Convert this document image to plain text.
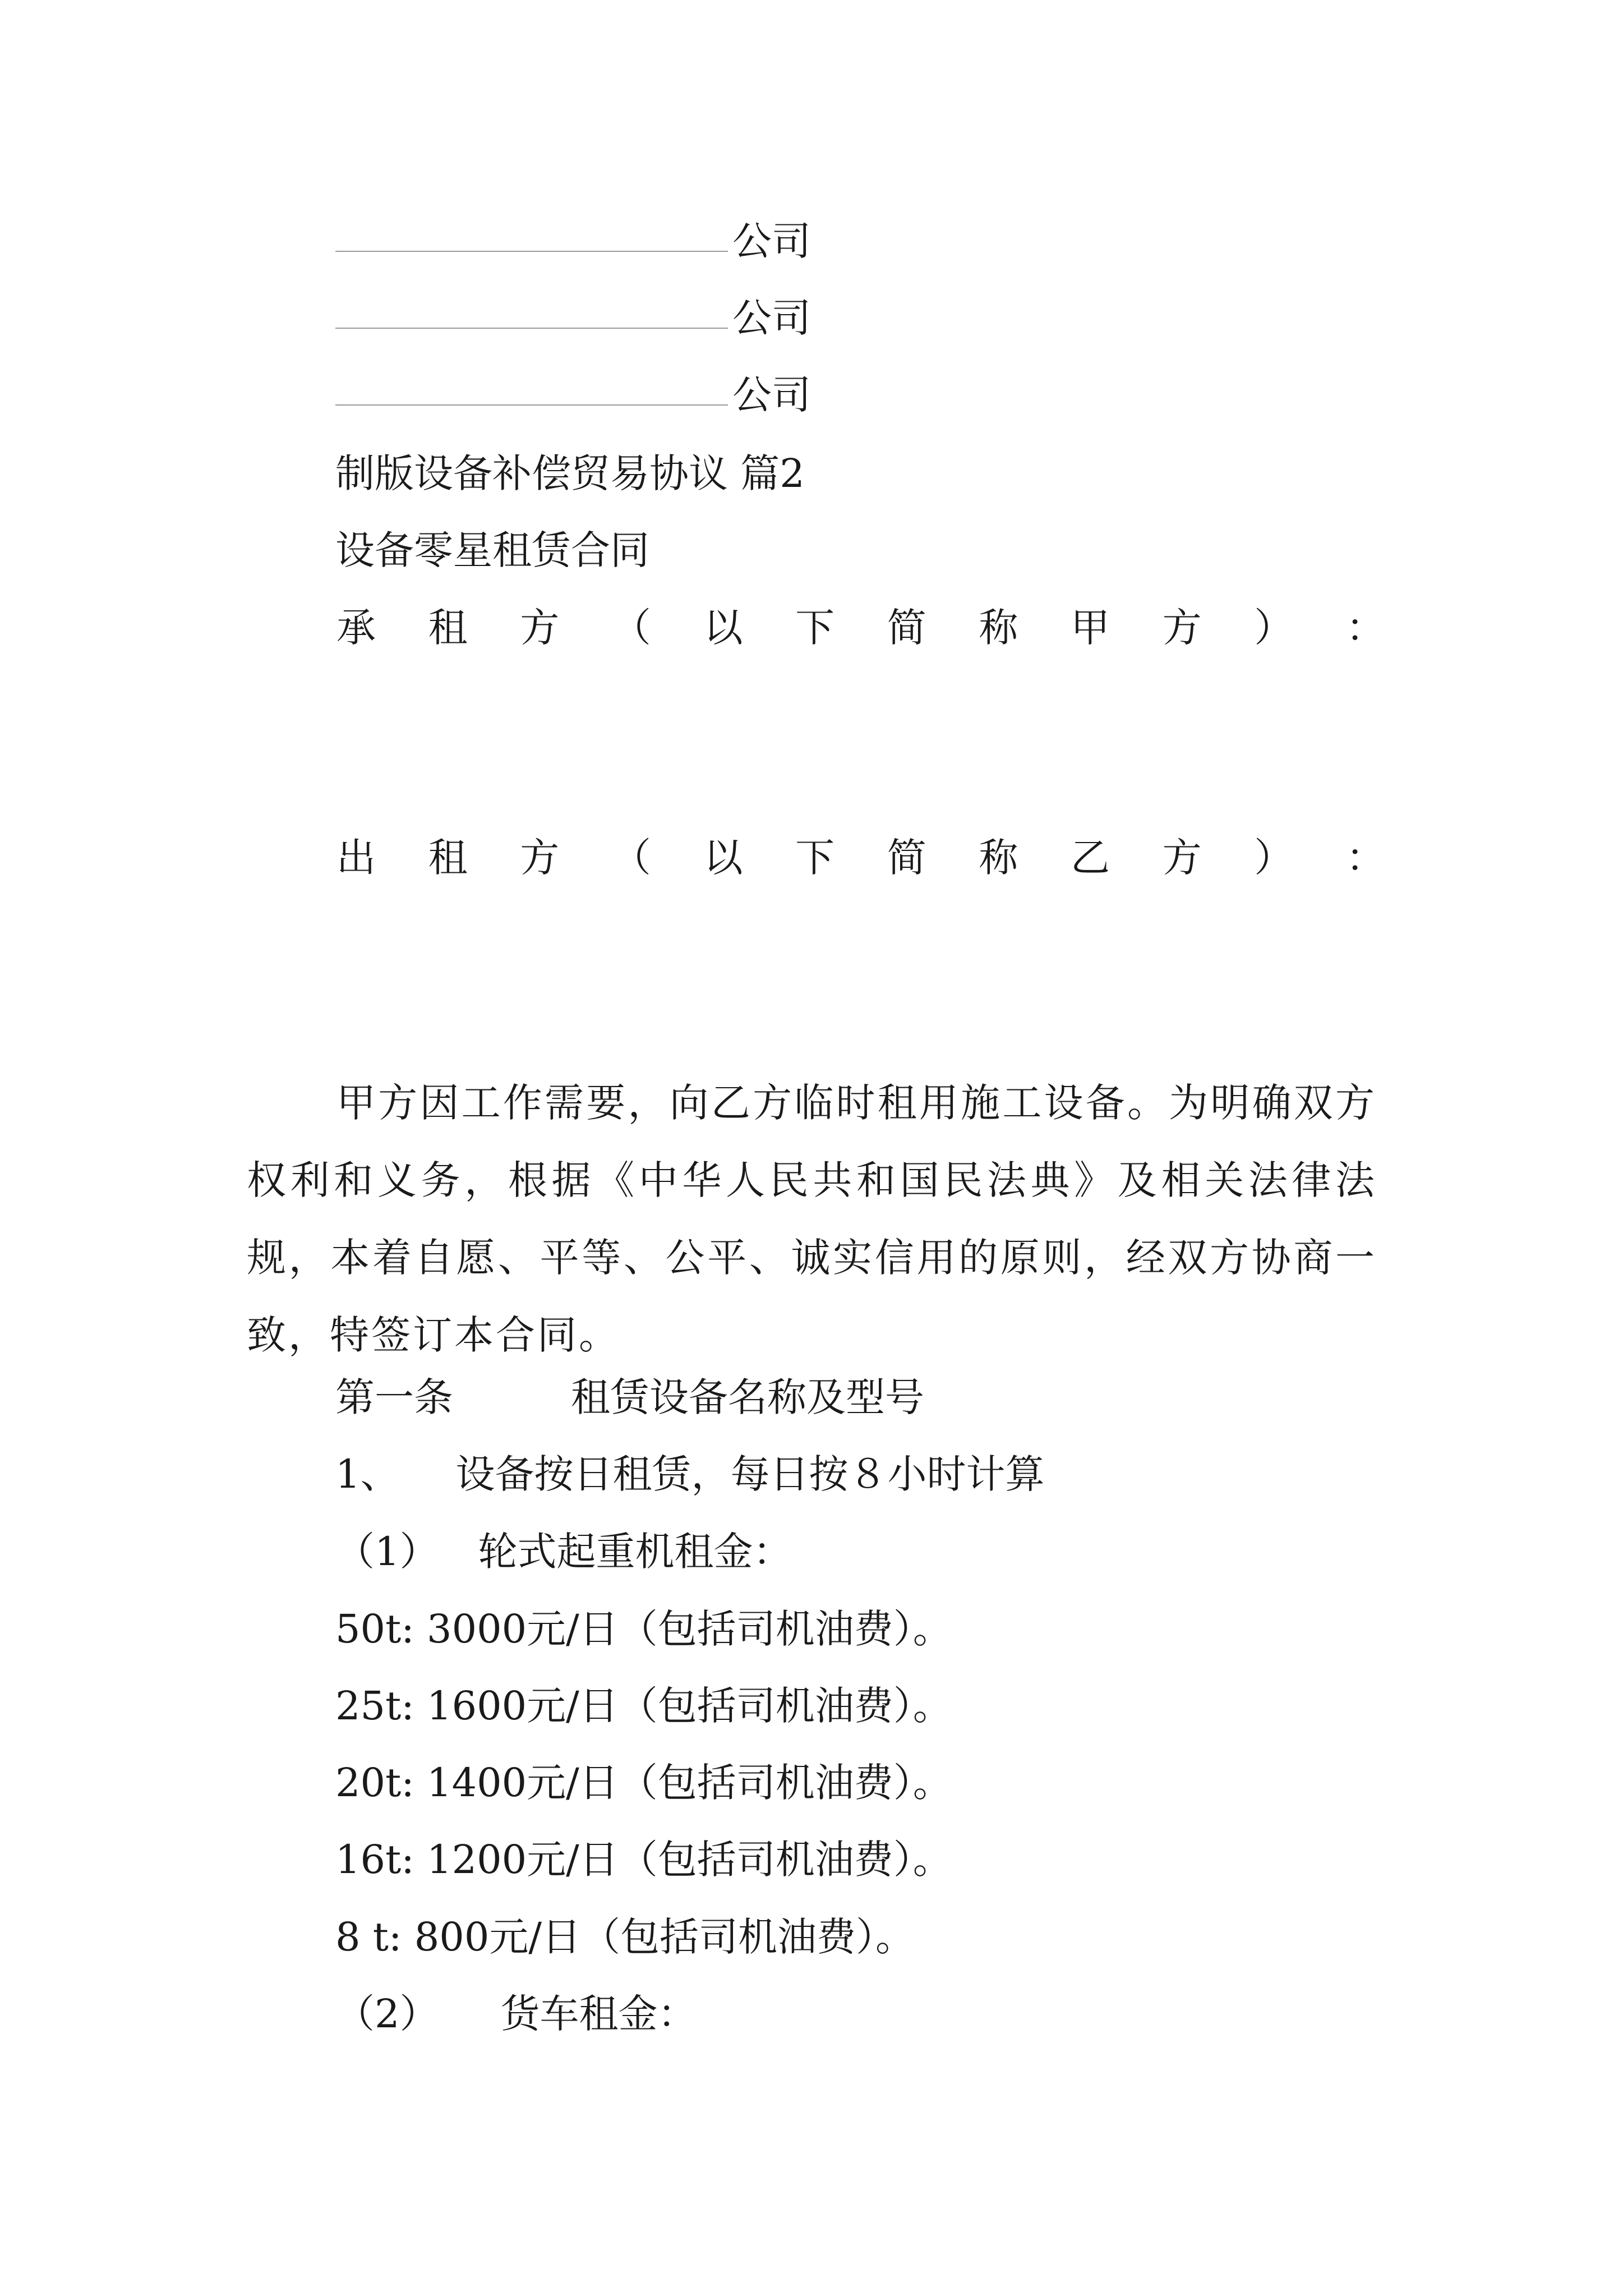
公司
公司
公司
制版设备补偿贸易协议 篇2
设备零星租赁合同
承 租 方 （ 以 下 简 称 甲 方 ） ：
出 租 方 （ 以 下 简 称 乙 方 ） ：
甲方因工作需要，向乙方临时租用施工设备。为明确双方权利和义务，根据《中华人民共和国民法典》及相关法律法规，本着自愿、平等、公平、诚实信用的原则，经双方协商一致，特签订本合同。
第一条	租赁设备名称及型号
1、 设备按日租赁，每日按８小时计算
（1） 轮式起重机租金：
50t: 3000元/日（包括司机油费）。
25t: 1600元/日（包括司机油费）。
20t: 1400元/日（包括司机油费）。
16t: 1200元/日（包括司机油费）。
8 t: 800元/日（包括司机油费）。
（2） 货车租金：
